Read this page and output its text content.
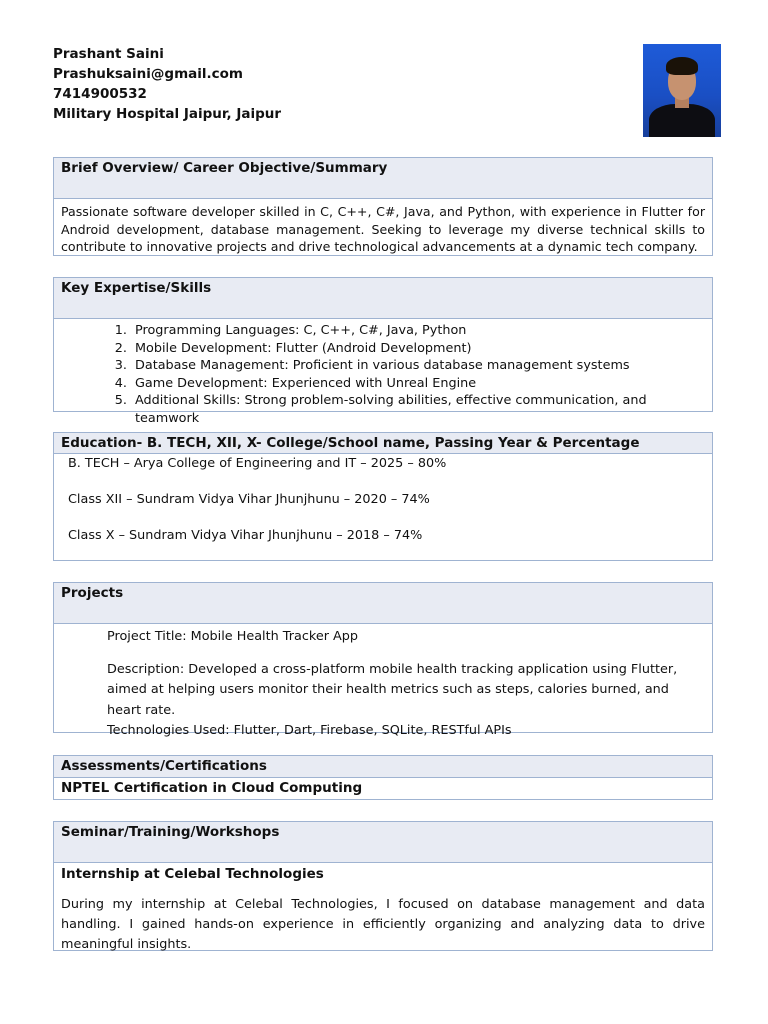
Prashant Saini
Prashuksaini@gmail.com
7414900532
Military Hospital Jaipur, Jaipur
Brief Overview/ Career Objective/Summary
Passionate software developer skilled in C, C++, C#, Java, and Python, with experience in Flutter for Android development, database management. Seeking to leverage my diverse technical skills to contribute to innovative projects and drive technological advancements at a dynamic tech company.
Key Expertise/Skills
1. Programming Languages: C, C++, C#, Java, Python
2. Mobile Development: Flutter (Android Development)
3. Database Management: Proficient in various database management systems
4. Game Development: Experienced with Unreal Engine
5. Additional Skills: Strong problem-solving abilities, effective communication, and teamwork
Education- B. TECH, XII, X- College/School name, Passing Year & Percentage

B. TECH – Arya College of Engineering and IT – 2025 – 80%

Class XII – Sundram Vidya Vihar Jhunjhunu – 2020 – 74%

Class X – Sundram Vidya Vihar Jhunjhunu – 2018 – 74%

Projects

Project Title: Mobile Health Tracker App

Description: Developed a cross-platform mobile health tracking application using Flutter, aimed at helping users monitor their health metrics such as steps, calories burned, and heart rate.

Technologies Used: Flutter, Dart, Firebase, SQLite, RESTful APIs

Assessments/Certifications
NPTEL Certification in Cloud Computing
Seminar/Training/Workshops
Internship at Celebal Technologies
During my internship at Celebal Technologies, I focused on database management and data handling. I gained hands-on experience in efficiently organizing and analyzing data to drive meaningful insights.
